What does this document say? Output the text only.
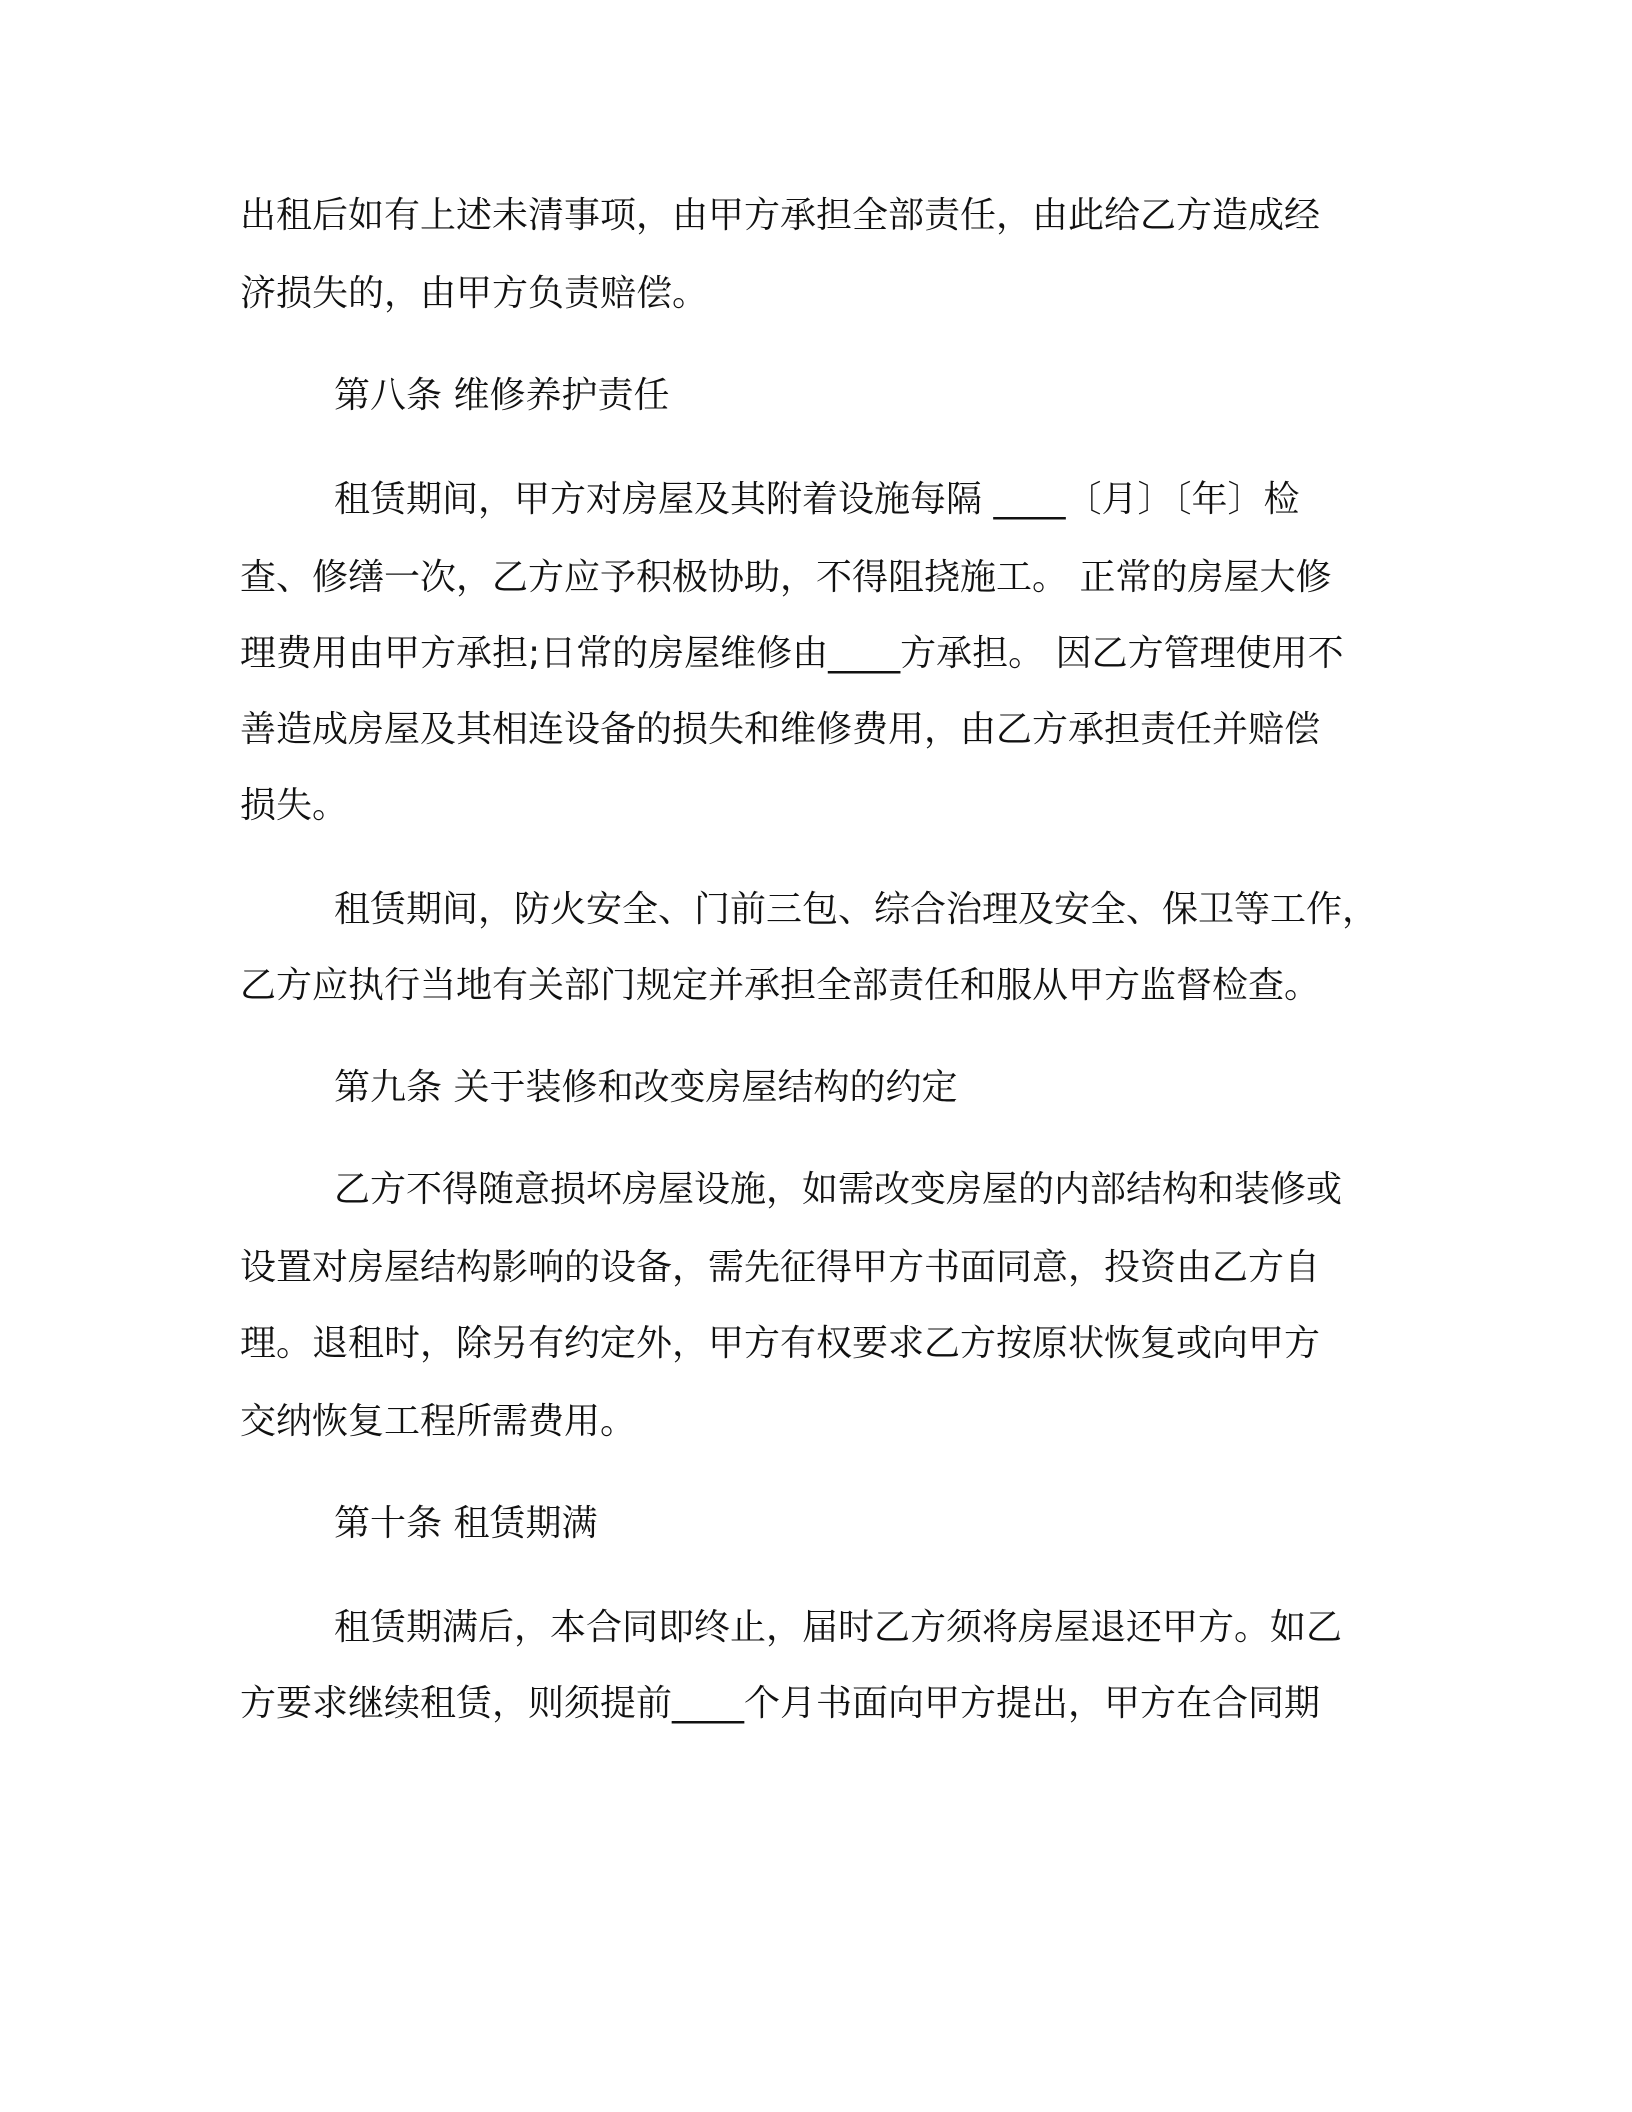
出租后如有上述未清事项，由甲方承担全部责任，由此给乙方造成经
济损失的，由甲方负责赔偿。
第八条 维修养护责任
租赁期间，甲方对房屋及其附着设施每隔 ____〔月〕〔年〕检
查、修缮一次，乙方应予积极协助，不得阻挠施工。 正常的房屋大修
理费用由甲方承担;日常的房屋维修由____方承担。 因乙方管理使用不
善造成房屋及其相连设备的损失和维修费用，由乙方承担责任并赔偿
损失。
租赁期间，防火安全、门前三包、综合治理及安全、保卫等工作，
乙方应执行当地有关部门规定并承担全部责任和服从甲方监督检查。
第九条 关于装修和改变房屋结构的约定
乙方不得随意损坏房屋设施，如需改变房屋的内部结构和装修或
设置对房屋结构影响的设备，需先征得甲方书面同意，投资由乙方自
理。退租时，除另有约定外，甲方有权要求乙方按原状恢复或向甲方
交纳恢复工程所需费用。
第十条 租赁期满
租赁期满后，本合同即终止，届时乙方须将房屋退还甲方。如乙
方要求继续租赁，则须提前____个月书面向甲方提出，甲方在合同期
